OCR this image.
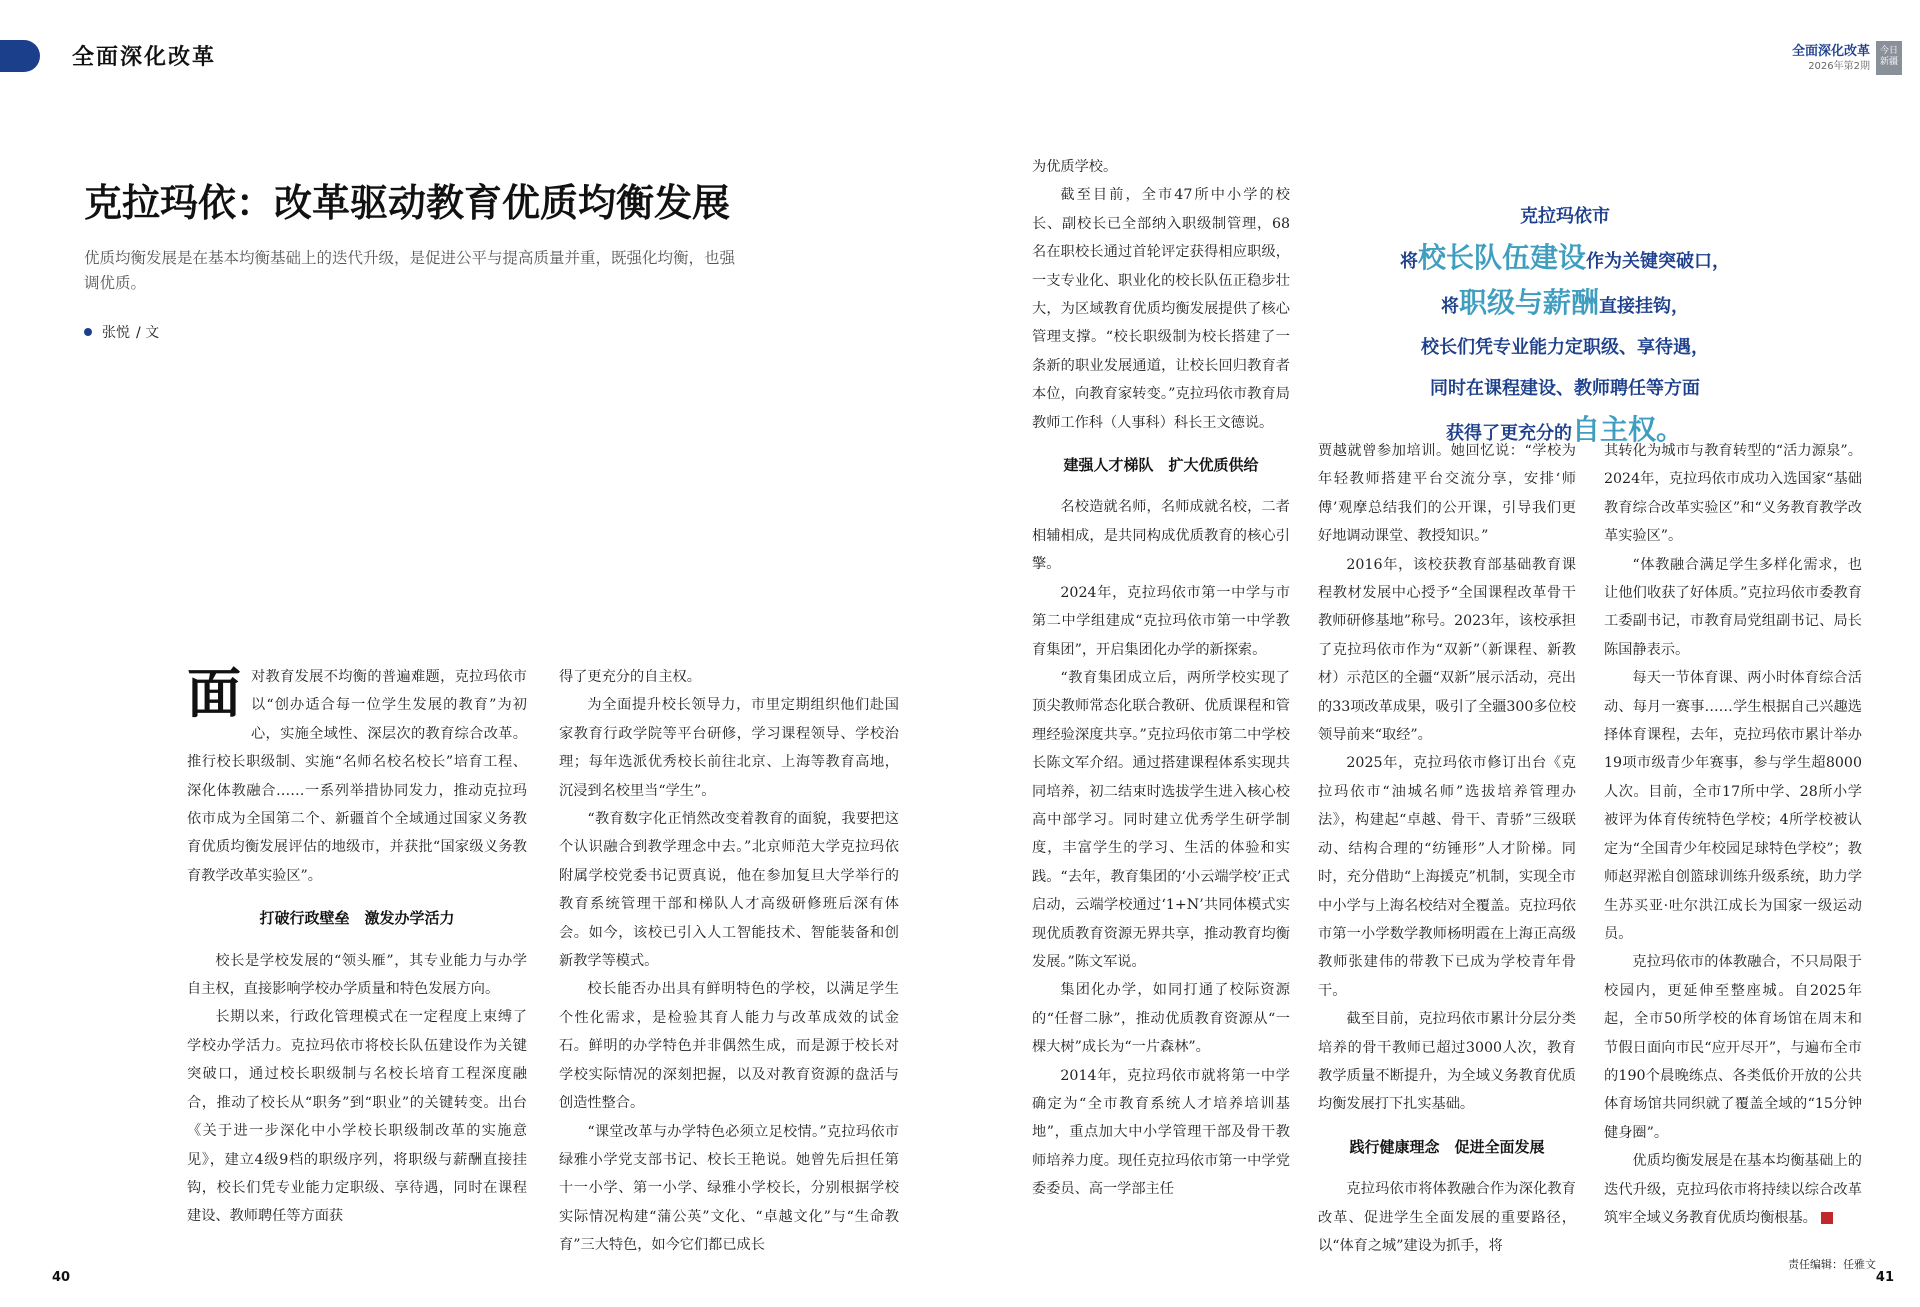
全面深化改革	全面深化改革
2026年第2期
今日新疆
克拉玛依：改革驱动教育优质均衡发展

优质均衡发展是在基本均衡基础上的迭代升级，是促进公平与提高质量并重，既强化均衡，也强调优质。

张悦 / 文
面 对教育发展不均衡的普遍难题，克拉玛依市以“创办适合每一位学生发展的教育”为初心，实施全域性、深层次的教育综合改革。推行校长职级制、实施“名师名校名校长”培育工程、深化体教融合……一系列举措协同发力，推动克拉玛依市成为全国第二个、新疆首个全域通过国家义务教育优质均衡发展评估的地级市，并获批“国家级义务教育教学改革实验区”。

打破行政壁垒　激发办学活力

校长是学校发展的“领头雁”，其专业能力与办学自主权，直接影响学校办学质量和特色发展方向。

长期以来，行政化管理模式在一定程度上束缚了学校办学活力。克拉玛依市将校长队伍建设作为关键突破口，通过校长职级制与名校长培育工程深度融合，推动了校长从“职务”到“职业”的关键转变。出台《关于进一步深化中小学校长职级制改革的实施意见》，建立4级9档的职级序列，将职级与薪酬直接挂钩，校长们凭专业能力定职级、享待遇，同时在课程建设、教师聘任等方面获

得了更充分的自主权。

为全面提升校长领导力，市里定期组织他们赴国家教育行政学院等平台研修，学习课程领导、学校治理；每年选派优秀校长前往北京、上海等教育高地，沉浸到名校里当“学生”。

“教育数字化正悄然改变着教育的面貌，我要把这个认识融合到教学理念中去。”北京师范大学克拉玛依附属学校党委书记贾真说，他在参加复旦大学举行的教育系统管理干部和梯队人才高级研修班后深有体会。如今，该校已引入人工智能技术、智能装备和创新教学等模式。

校长能否办出具有鲜明特色的学校，以满足学生个性化需求，是检验其育人能力与改革成效的试金石。鲜明的办学特色并非偶然生成，而是源于校长对学校实际情况的深刻把握，以及对教育资源的盘活与创造性整合。

“课堂改革与办学特色必须立足校情。”克拉玛依市绿雅小学党支部书记、校长王艳说。她曾先后担任第十一小学、第一小学、绿雅小学校长，分别根据学校实际情况构建“蒲公英”文化、“卓越文化”与“生命教育”三大特色，如今它们都已成长

为优质学校。

截至目前，全市47所中小学的校长、副校长已全部纳入职级制管理，68名在职校长通过首轮评定获得相应职级，一支专业化、职业化的校长队伍正稳步壮大，为区域教育优质均衡发展提供了核心管理支撑。“校长职级制为校长搭建了一条新的职业发展通道，让校长回归教育者本位，向教育家转变。”克拉玛依市教育局教师工作科（人事科）科长王文德说。

建强人才梯队　扩大优质供给

名校造就名师，名师成就名校，二者相辅相成，是共同构成优质教育的核心引擎。

2024年，克拉玛依市第一中学与市第二中学组建成“克拉玛依市第一中学教育集团”，开启集团化办学的新探索。

“教育集团成立后，两所学校实现了顶尖教师常态化联合教研、优质课程和管理经验深度共享。”克拉玛依市第二中学校长陈文军介绍。通过搭建课程体系实现共同培养，初二结束时选拔学生进入核心校高中部学习。同时建立优秀学生研学制度，丰富学生的学习、生活的体验和实践。“去年，教育集团的‘小云端学校’正式启动，云端学校通过‘1+N’共同体模式实现优质教育资源无界共享，推动教育均衡发展。”陈文军说。

集团化办学，如同打通了校际资源的“任督二脉”，推动优质教育资源从“一棵大树”成长为“一片森林”。

2014年，克拉玛依市就将第一中学确定为“全市教育系统人才培养培训基地”，重点加大中小学管理干部及骨干教师培养力度。现任克拉玛依市第一中学党委委员、高一学部主任

克拉玛依市
将校长队伍建设作为关键突破口，
将职级与薪酬直接挂钩，
校长们凭专业能力定职级、享待遇，
同时在课程建设、教师聘任等方面
获得了更充分的自主权。

贾越就曾参加培训。她回忆说：“学校为年轻教师搭建平台交流分享，安排‘师傅’观摩总结我们的公开课，引导我们更好地调动课堂、教授知识。”

2016年，该校获教育部基础教育课程教材发展中心授予“全国课程改革骨干教师研修基地”称号。2023年，该校承担了克拉玛依市作为“双新”（新课程、新教材）示范区的全疆“双新”展示活动，亮出的33项改革成果，吸引了全疆300多位校领导前来“取经”。

2025年，克拉玛依市修订出台《克拉玛依市“油城名师”选拔培养管理办法》，构建起“卓越、骨干、青骄”三级联动、结构合理的“纺锤形”人才阶梯。同时，充分借助“上海援克”机制，实现全市中小学与上海名校结对全覆盖。克拉玛依市第一小学数学教师杨明霞在上海正高级教师张建伟的带教下已成为学校青年骨干。

截至目前，克拉玛依市累计分层分类培养的骨干教师已超过3000人次，教育教学质量不断提升，为全域义务教育优质均衡发展打下扎实基础。

践行健康理念　促进全面发展

克拉玛依市将体教融合作为深化教育改革、促进学生全面发展的重要路径，以“体育之城”建设为抓手，将

其转化为城市与教育转型的“活力源泉”。2024年，克拉玛依市成功入选国家“基础教育综合改革实验区”和“义务教育教学改革实验区”。

“体教融合满足学生多样化需求，也让他们收获了好体质。”克拉玛依市委教育工委副书记，市教育局党组副书记、局长陈国静表示。

每天一节体育课、两小时体育综合活动、每月一赛事……学生根据自己兴趣选择体育课程，去年，克拉玛依市累计举办19项市级青少年赛事，参与学生超8000人次。目前，全市17所中学、28所小学被评为体育传统特色学校；4所学校被认定为“全国青少年校园足球特色学校”；教师赵羿淞自创篮球训练升级系统，助力学生苏买亚·吐尔洪江成长为国家一级运动员。

克拉玛依市的体教融合，不只局限于校园内，更延伸至整座城。自2025年起，全市50所学校的体育场馆在周末和节假日面向市民“应开尽开”，与遍布全市的190个晨晚练点、各类低价开放的公共体育场馆共同织就了覆盖全域的“15分钟健身圈”。

优质均衡发展是在基本均衡基础上的迭代升级，克拉玛依市将持续以综合改革筑牢全域义务教育优质均衡根基。

责任编辑：任雅文
40	41
